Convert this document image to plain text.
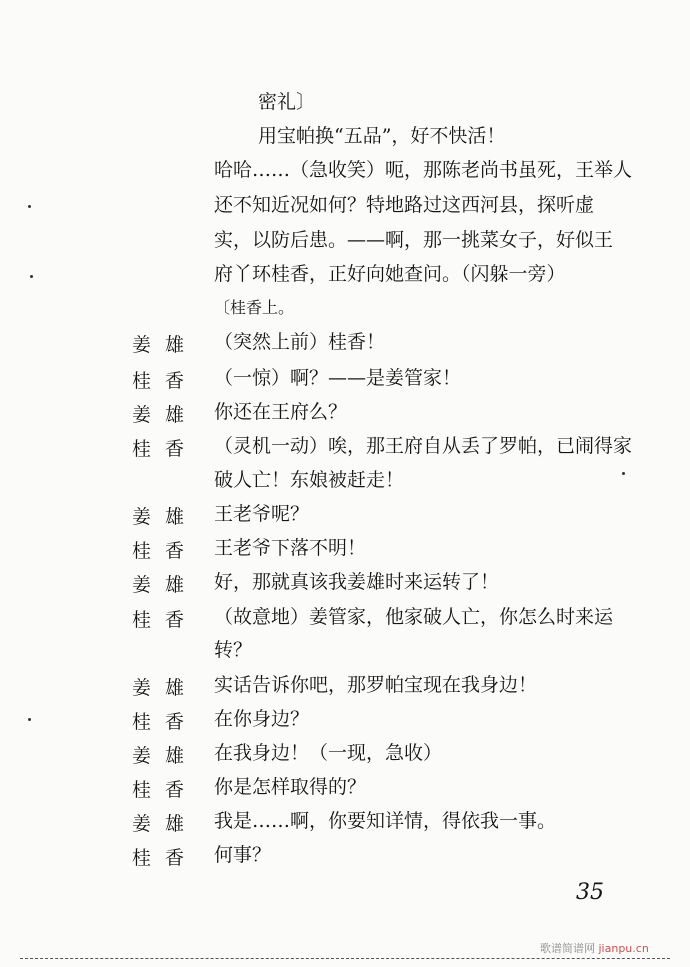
密礼〕
用宝帕换“五品”，好不快活！
哈哈……（急收笑）呃，那陈老尚书虽死，王举人
还不知近况如何？特地路过这西河县，探听虚
实，以防后患。——啊，那一挑菜女子，好似王
府丫环桂香，正好向她查问。（闪躲一旁）
〔桂香上。
姜雄 （突然上前）桂香！
桂香 （一惊）啊？——是姜管家！
姜雄 你还在王府么？
桂香 （灵机一动）唉，那王府自从丢了罗帕，已闹得家
破人亡！东娘被赶走！
姜雄 王老爷呢？
桂香 王老爷下落不明！
姜雄 好，那就真该我姜雄时来运转了！
桂香 （故意地）姜管家，他家破人亡，你怎么时来运
转？
姜雄 实话告诉你吧，那罗帕宝现在我身边！
桂香 在你身边？
姜雄 在我身边！（一现，急收）
桂香 你是怎样取得的？
姜雄 我是……啊，你要知详情，得依我一事。
桂香 何事？
35
歌谱简谱网 jianpu.cn
